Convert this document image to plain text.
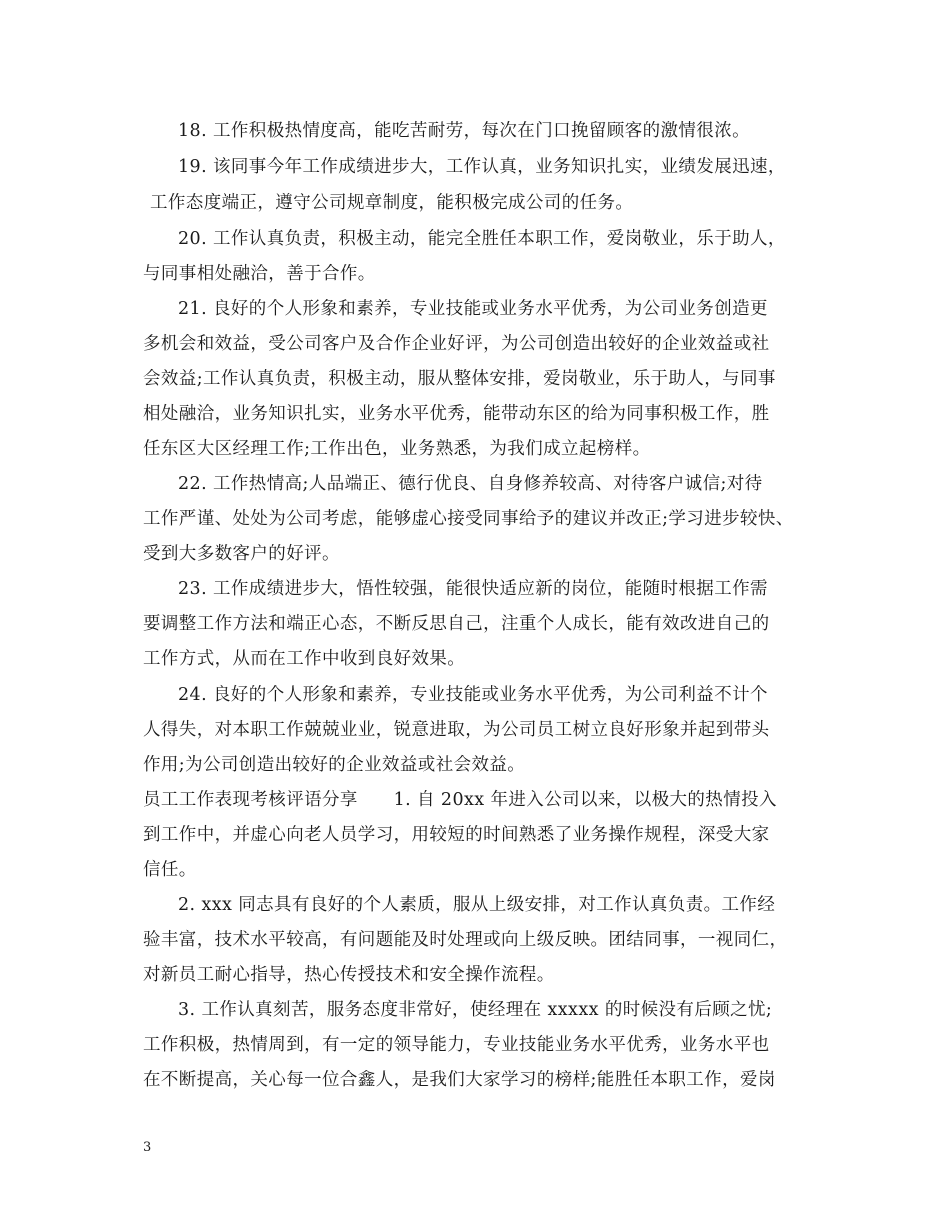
18. 工作积极热情度高，能吃苦耐劳，每次在门口挽留顾客的激情很浓。
19. 该同事今年工作成绩进步大，工作认真，业务知识扎实，业绩发展迅速，
工作态度端正，遵守公司规章制度，能积极完成公司的任务。
20. 工作认真负责，积极主动，能完全胜任本职工作，爱岗敬业，乐于助人，
与同事相处融洽，善于合作。
21. 良好的个人形象和素养，专业技能或业务水平优秀，为公司业务创造更
多机会和效益，受公司客户及合作企业好评，为公司创造出较好的企业效益或社
会效益;工作认真负责，积极主动，服从整体安排，爱岗敬业，乐于助人，与同事
相处融洽，业务知识扎实，业务水平优秀，能带动东区的给为同事积极工作，胜
任东区大区经理工作;工作出色，业务熟悉，为我们成立起榜样。
22. 工作热情高;人品端正、德行优良、自身修养较高、对待客户诚信;对待
工作严谨、处处为公司考虑，能够虚心接受同事给予的建议并改正;学习进步较快、
受到大多数客户的好评。
23. 工作成绩进步大，悟性较强，能很快适应新的岗位，能随时根据工作需
要调整工作方法和端正心态，不断反思自己，注重个人成长，能有效改进自己的
工作方式，从而在工作中收到良好效果。
24. 良好的个人形象和素养，专业技能或业务水平优秀，为公司利益不计个
人得失，对本职工作兢兢业业，锐意进取，为公司员工树立良好形象并起到带头
作用;为公司创造出较好的企业效益或社会效益。
员工工作表现考核评语分享　　1. 自 20xx 年进入公司以来，以极大的热情投入
到工作中，并虚心向老人员学习，用较短的时间熟悉了业务操作规程，深受大家
信任。
2. xxx 同志具有良好的个人素质，服从上级安排，对工作认真负责。工作经
验丰富，技术水平较高，有问题能及时处理或向上级反映。团结同事，一视同仁，
对新员工耐心指导，热心传授技术和安全操作流程。
3. 工作认真刻苦，服务态度非常好，使经理在 xxxxx 的时候没有后顾之忧;
工作积极，热情周到，有一定的领导能力，专业技能业务水平优秀，业务水平也
在不断提高，关心每一位合鑫人，是我们大家学习的榜样;能胜任本职工作，爱岗
3
